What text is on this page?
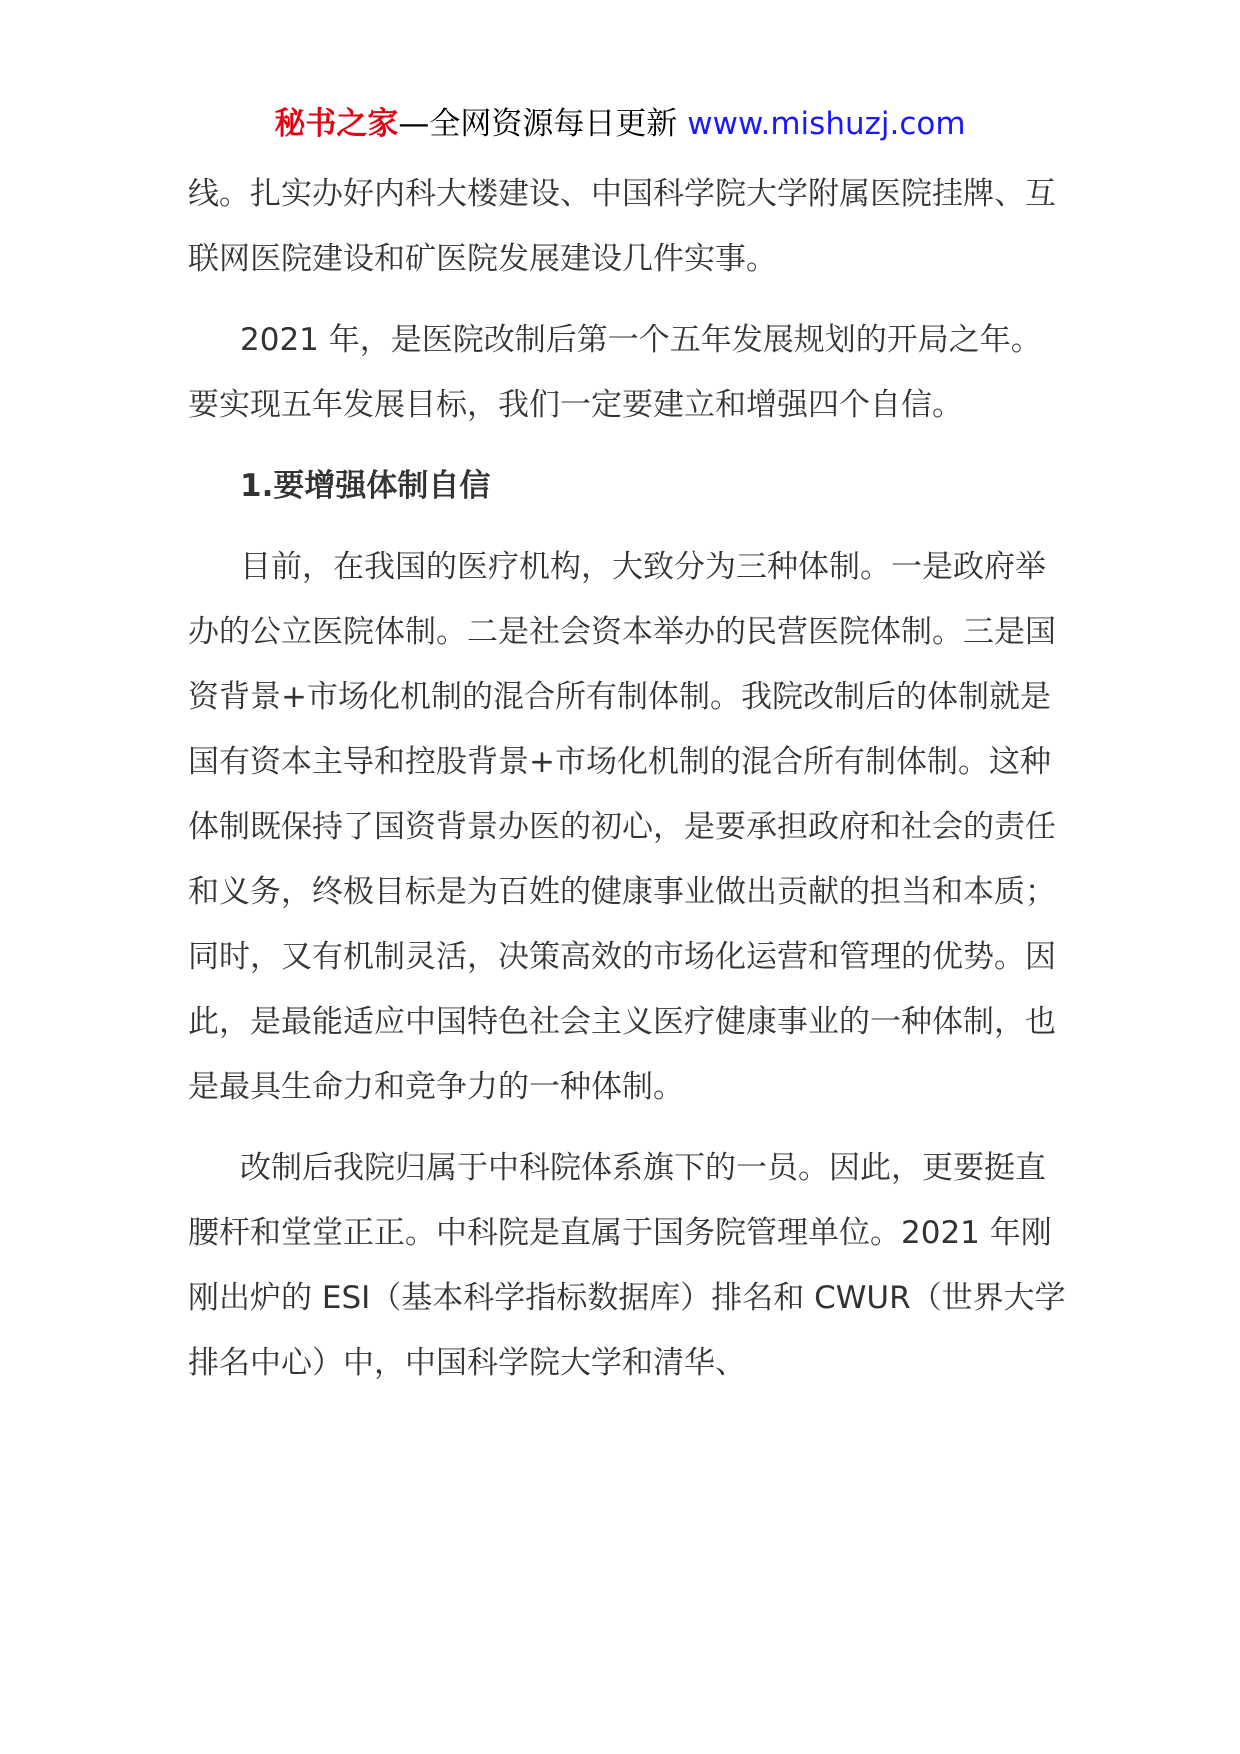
秘书之家—全网资源每日更新 www.mishuzj.com

线。扎实办好内科大楼建设、中国科学院大学附属医院挂牌、互联网医院建设和矿医院发展建设几件实事。

2021 年，是医院改制后第一个五年发展规划的开局之年。要实现五年发展目标，我们一定要建立和增强四个自信。

1.要增强体制自信

目前，在我国的医疗机构，大致分为三种体制。一是政府举办的公立医院体制。二是社会资本举办的民营医院体制。三是国资背景+市场化机制的混合所有制体制。我院改制后的体制就是国有资本主导和控股背景+市场化机制的混合所有制体制。这种体制既保持了国资背景办医的初心，是要承担政府和社会的责任和义务，终极目标是为百姓的健康事业做出贡献的担当和本质；同时，又有机制灵活，决策高效的市场化运营和管理的优势。因此，是最能适应中国特色社会主义医疗健康事业的一种体制，也是最具生命力和竞争力的一种体制。

改制后我院归属于中科院体系旗下的一员。因此，更要挺直腰杆和堂堂正正。中科院是直属于国务院管理单位。2021 年刚刚出炉的 ESI（基本科学指标数据库）排名和 CWUR（世界大学排名中心）中，中国科学院大学和清华、
